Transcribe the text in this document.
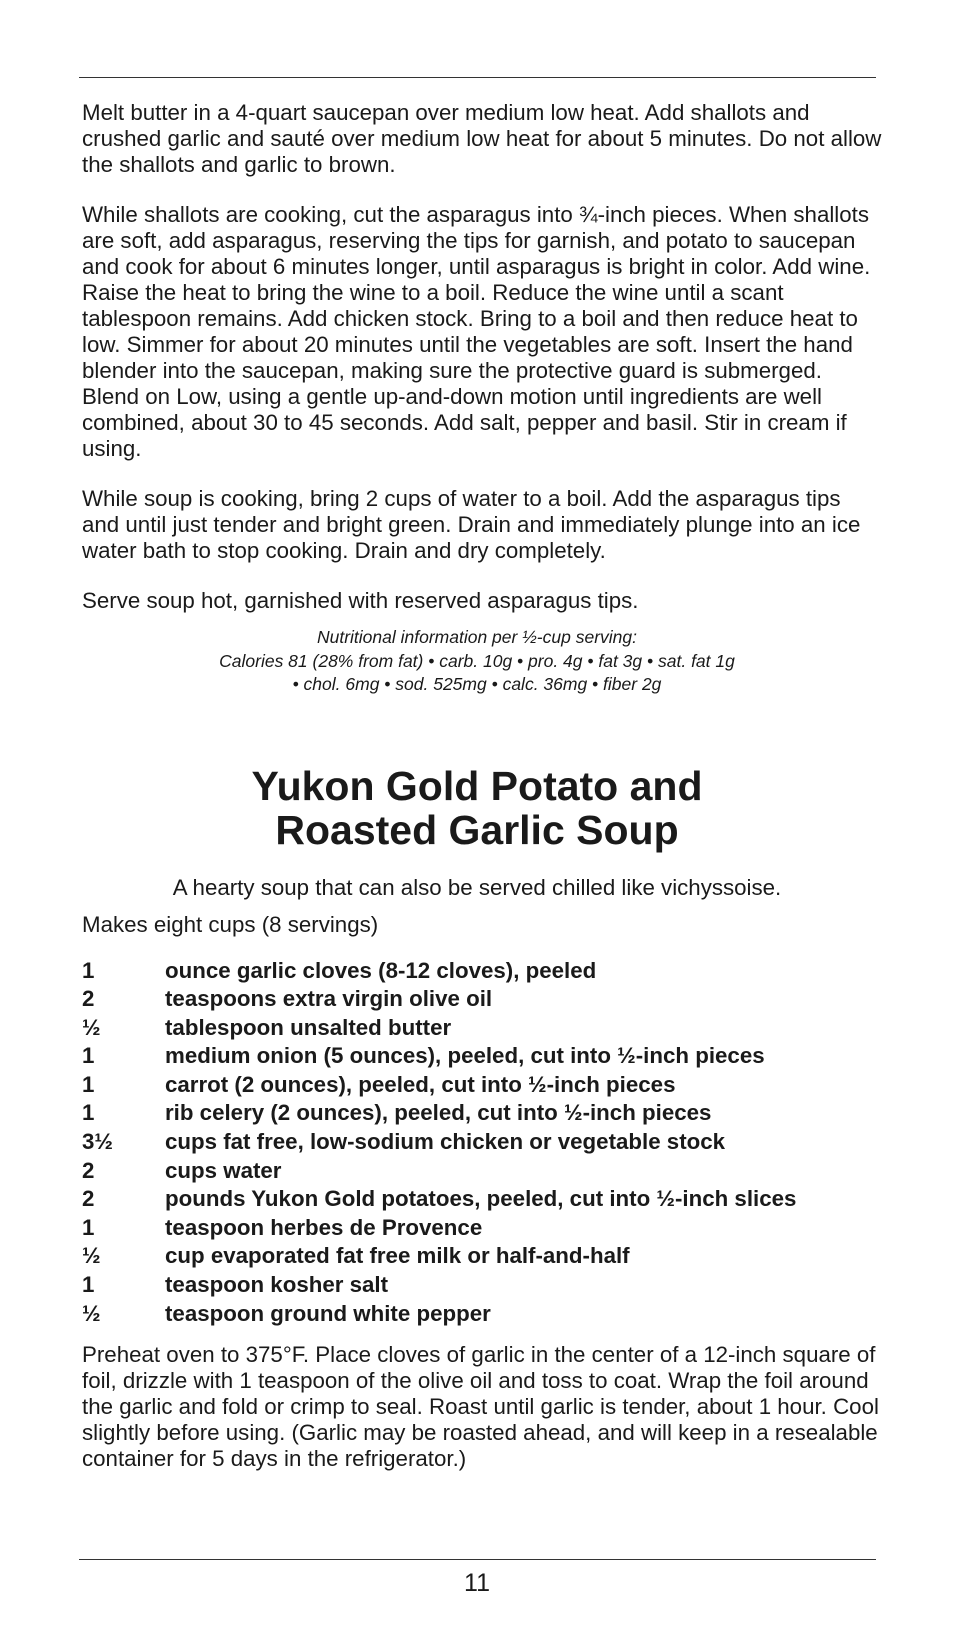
Melt butter in a 4-quart saucepan over medium low heat. Add shallots and crushed garlic and sauté over medium low heat for about 5 minutes. Do not allow the shallots and garlic to brown.

While shallots are cooking, cut the asparagus into ¾-inch pieces. When shallots are soft, add asparagus, reserving the tips for garnish, and potato to saucepan and cook for about 6 minutes longer, until asparagus is bright in color. Add wine. Raise the heat to bring the wine to a boil. Reduce the wine until a scant tablespoon remains. Add chicken stock. Bring to a boil and then reduce heat to low. Simmer for about 20 minutes until the vegetables are soft. Insert the hand blender into the saucepan, making sure the protective guard is submerged. Blend on Low, using a gentle up-and-down motion until ingredients are well combined, about 30 to 45 seconds. Add salt, pepper and basil. Stir in cream if using.

While soup is cooking, bring 2 cups of water to a boil. Add the asparagus tips and until just tender and bright green. Drain and immediately plunge into an ice water bath to stop cooking. Drain and dry completely.

Serve soup hot, garnished with reserved asparagus tips.

Nutritional information per ½-cup serving:
Calories 81 (28% from fat) • carb. 10g • pro. 4g • fat 3g • sat. fat 1g
• chol. 6mg • sod. 525mg • calc. 36mg • fiber 2g
Yukon Gold Potato and
Roasted Garlic Soup
A hearty soup that can also be served chilled like vichyssoise.
Makes eight cups (8 servings)
1	ounce garlic cloves (8-12 cloves), peeled
2	teaspoons extra virgin olive oil
½	tablespoon unsalted butter
1	medium onion (5 ounces), peeled, cut into ½-inch pieces
1	carrot (2 ounces), peeled, cut into ½-inch pieces
1	rib celery (2 ounces), peeled, cut into ½-inch pieces
3½	cups fat free, low-sodium chicken or vegetable stock
2	cups water
2	pounds Yukon Gold potatoes, peeled, cut into ½-inch slices
1	teaspoon herbes de Provence
½	cup evaporated fat free milk or half-and-half
1	teaspoon kosher salt
½	teaspoon ground white pepper

Preheat oven to 375°F. Place cloves of garlic in the center of a 12-inch square of foil, drizzle with 1 teaspoon of the olive oil and toss to coat. Wrap the foil around the garlic and fold or crimp to seal. Roast until garlic is tender, about 1 hour. Cool slightly before using. (Garlic may be roasted ahead, and will keep in a resealable container for 5 days in the refrigerator.)

11
